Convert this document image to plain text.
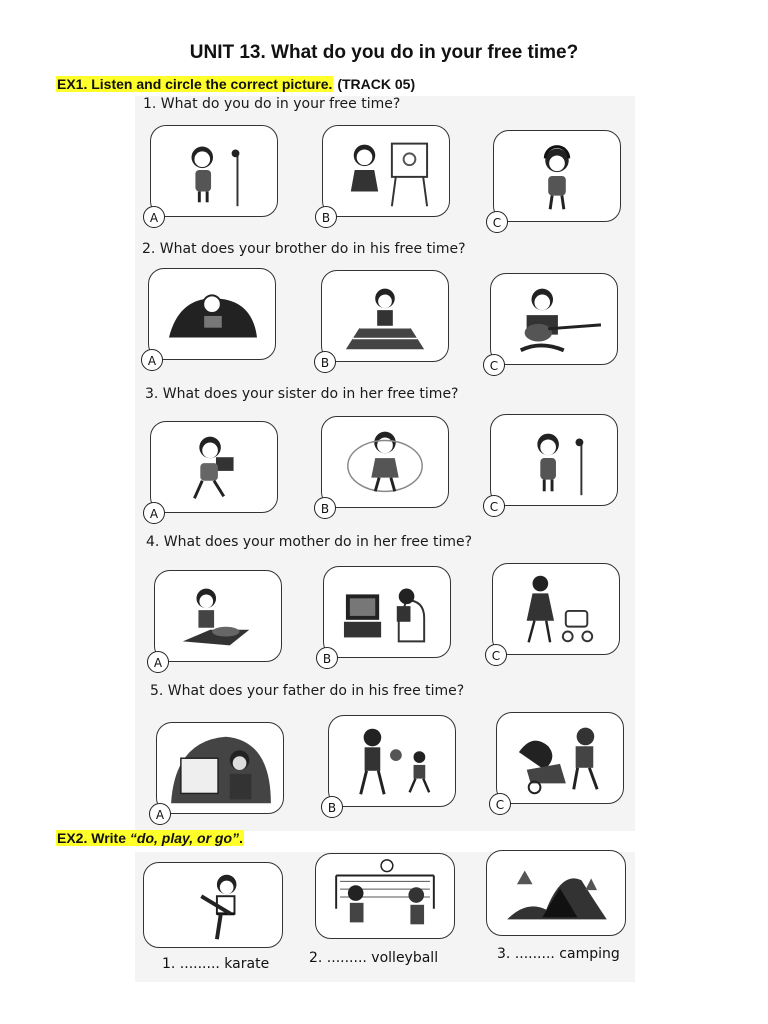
UNIT 13. What do you do in your free time?
EX1. Listen and circle the correct picture. (TRACK 05)
1. What do you do in your free time?
A	B	C
2. What does your brother do in his free time?
A	B	C
3. What does your sister do in her free time?
A	B	C
4. What does your mother do in her free time?
A	B	C
5. What does your father do in his free time?
A	B	C
EX2. Write “do, play, or go”.
1. ......... karate	2. ......... volleyball	3. ......... camping
